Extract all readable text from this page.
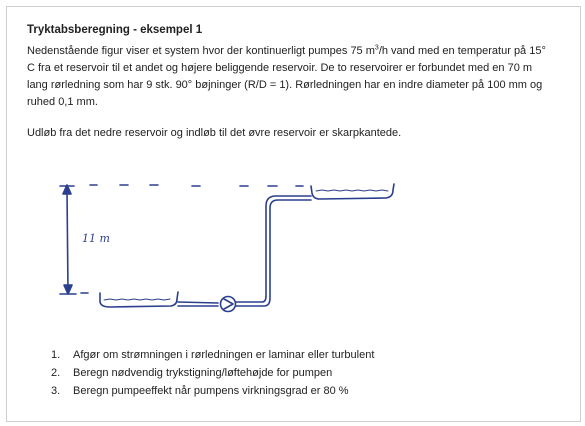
Tryktabsberegning - eksempel 1
Nedenstående figur viser et system hvor der kontinuerligt pumpes 75 $m^3/h$ vand med en temperatur på 15°
C fra et reservoir til et andet og højere beliggende reservoir. De to reservoirer er forbundet med en 70 m
lang rørledning som har 9 stk. 90° bøjninger (R/D = 1). Rørledningen har en indre diameter på 100 mm og
ruhed 0,1 mm.
Udløb fra det nedre reservoir og indløb til det øvre reservoir er skarpkantede.
11 m
1. Afgør om strømningen i rørledningen er laminar eller turbulent
2. Beregn nødvendig trykstigning/løftehøjde for pumpen
3. Beregn pumpeeffekt når pumpens virkningsgrad er 80 %
